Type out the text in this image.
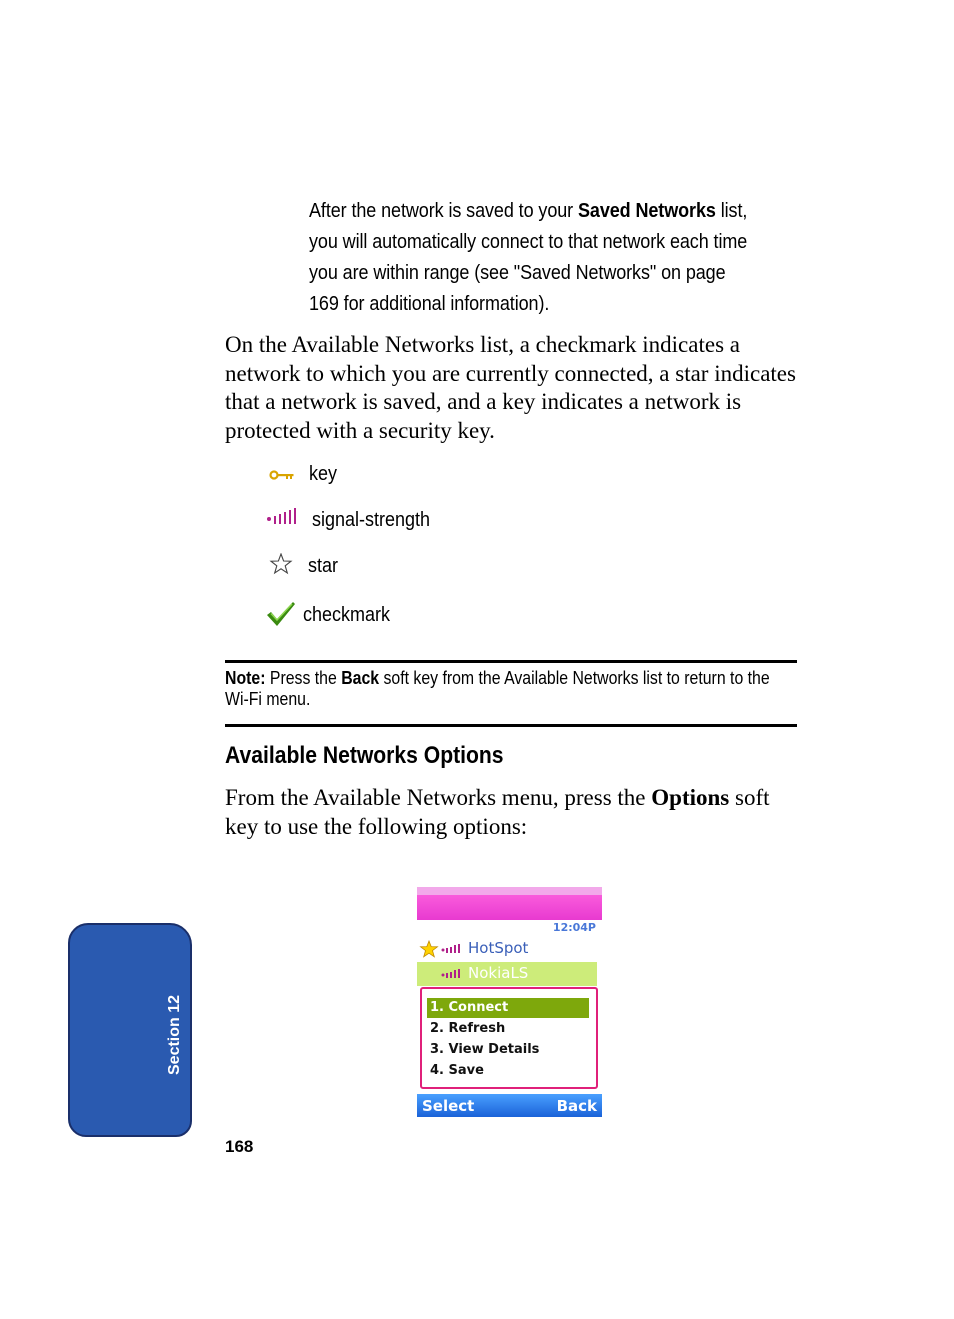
After the network is saved to your Saved Networks list, you will automatically connect to that network each time you are within range (see "Saved Networks" on page 169 for additional information).
On the Available Networks list, a checkmark indicates a network to which you are currently connected, a star indicates that a network is saved, and a key indicates a network is protected with a security key.
key
signal-strength
star
checkmark
Note: Press the Back soft key from the Available Networks list to return to the Wi-Fi menu.
Available Networks Options
From the Available Networks menu, press the Options soft key to use the following options:
12:04P
HotSpot
NokiaLS
1. Connect
2. Refresh
3. View Details
4. Save
Select	Back
Section 12
168
